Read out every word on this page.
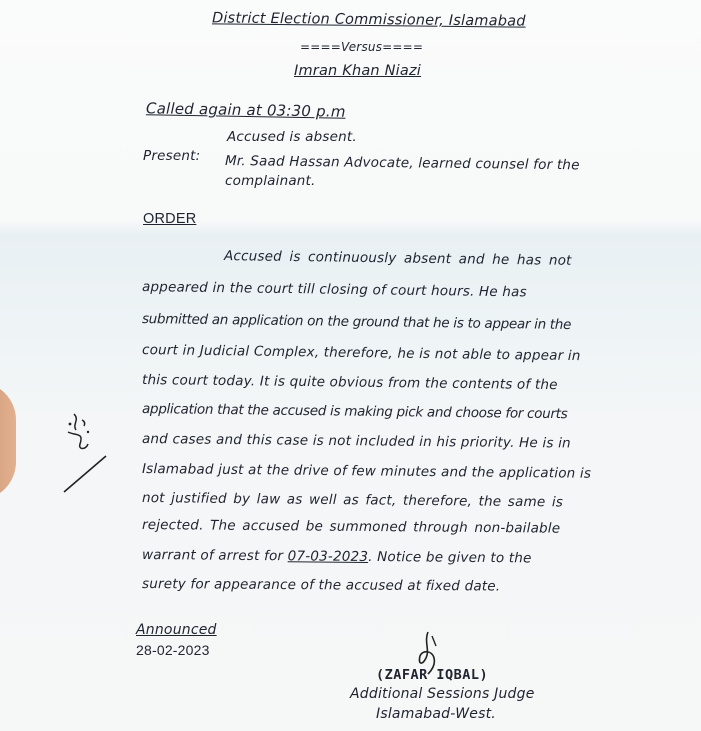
District Election Commissioner, Islamabad
====Versus====
Imran Khan Niazi
Called again at 03:30 p.m
Accused is absent.
Present: Mr. Saad Hassan Advocate, learned counsel for the
complainant.
ORDER
Accused is continuously absent and he has not
appeared in the court till closing of court hours. He has
submitted an application on the ground that he is to appear in the
court in Judicial Complex, therefore, he is not able to appear in
this court today. It is quite obvious from the contents of the
application that the accused is making pick and choose for courts
and cases and this case is not included in his priority. He is in
Islamabad just at the drive of few minutes and the application is
not justified by law as well as fact, therefore, the same is
rejected. The accused be summoned through non-bailable
warrant of arrest for 07-03-2023. Notice be given to the
surety for appearance of the accused at fixed date.
Announced
28-02-2023
(ZAFAR IQBAL)
Additional Sessions Judge
Islamabad-West.
